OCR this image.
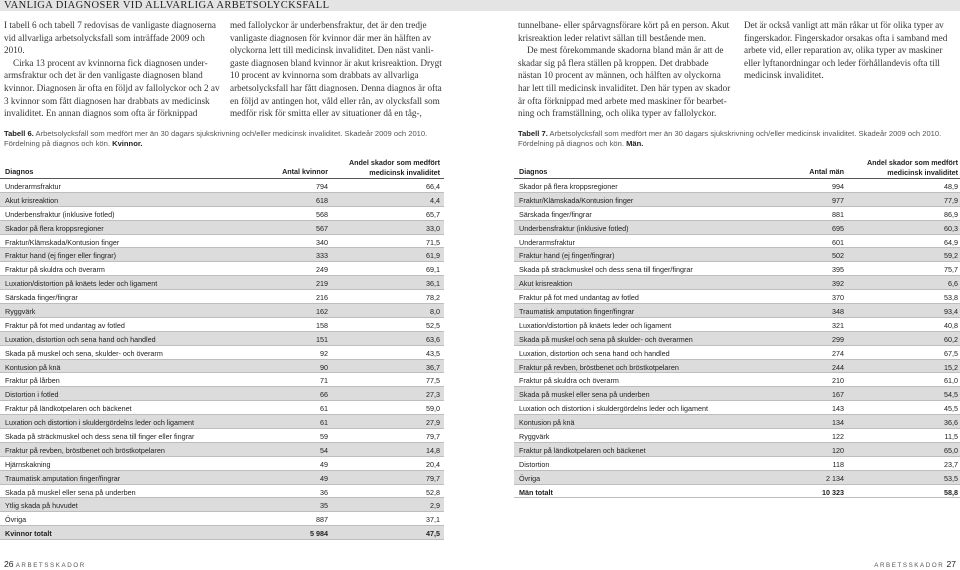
VANLIGA DIAGNOSER VID ALLVARLIGA ARBETSOLYCKSFALL

I tabell 6 och tabell 7 redovisas de vanligaste diagnoserna vid allvarliga arbetsolycksfall som inträffade 2009 och 2010.

Cirka 13 procent av kvinnorna fick diagnosen underarmsfraktur och det är den vanligaste diagnosen bland kvinnor. Diagnosen är ofta en följd av fallolyckor och 2 av 3 kvinnor som fått diagnosen har drabbats av medicinsk invaliditet. En annan diagnos som ofta är förknippad

med fallolyckor är underbensfraktur, det är den tredje vanligaste diagnosen för kvinnor där mer än hälften av olyckorna lett till medicinsk invaliditet. Den näst vanligaste diagnosen bland kvinnor är akut krisreaktion. Drygt 10 procent av kvinnorna som drabbats av allvarliga arbetsolycksfall har fått diagnosen. Denna diagnos är ofta en följd av antingen hot, våld eller rån, av olycksfall som medför risk för smitta eller av situationer då en tåg-,

tunnelbane- eller spårvagnsförare kört på en person. Akut krisreaktion leder relativt sällan till bestående men.

De mest förekommande skadorna bland män är att de skadar sig på flera ställen på kroppen. Det drabbade nästan 10 procent av männen, och hälften av olyckorna har lett till medicinsk invaliditet. Den här typen av skador är ofta förknippad med arbete med maskiner för bearbetning och framställning, och olika typer av fallolyckor.

Det är också vanligt att män råkar ut för olika typer av fingerskador. Fingerskador orsakas ofta i samband med arbete vid, eller reparation av, olika typer av maskiner eller lyftanordningar och leder förhållandevis ofta till medicinsk invaliditet.

Tabell 6. Arbetsolycksfall som medfört mer än 30 dagars sjukskrivning och/eller medicinsk invaliditet. Skadeår 2009 och 2010. Fördelning på diagnos och kön. Kvinnor.
Tabell 7. Arbetsolycksfall som medfört mer än 30 dagars sjukskrivning och/eller medicinsk invaliditet. Skadeår 2009 och 2010. Fördelning på diagnos och kön. Män.
Diagnos	Antal kvinnor
Andel skador som medfört medicinsk invaliditet
Underarmsfraktur	794	66,4
Akut krisreaktion	618	4,4
Underbensfraktur (inklusive fotled)	568	65,7
Skador på flera kroppsregioner	567	33,0
Fraktur/Klämskada/Kontusion finger	340	71,5
Fraktur hand (ej finger eller fingrar)	333	61,9
Fraktur på skuldra och överarm	249	69,1
Luxation/distortion på knäets leder och ligament	219	36,1
Särskada finger/fingrar	216	78,2
Ryggvärk	162	8,0
Fraktur på fot med undantag av fotled	158	52,5
Luxation, distortion och sena hand och handled	151	63,6
Skada på muskel och sena, skulder- och överarm	92	43,5
Kontusion på knä	90	36,7
Fraktur på lårben	71	77,5
Distortion i fotled	66	27,3
Fraktur på ländkotpelaren och bäckenet	61	59,0
Luxation och distortion i skuldergördelns leder och ligament	61	27,9
Skada på sträckmuskel och dess sena till finger eller fingrar	59	79,7
Fraktur på revben, bröstbenet och bröstkotpelaren	54	14,8
Hjärnskakning	49	20,4
Traumatisk amputation finger/fingrar	49	79,7
Skada på muskel eller sena på underben	36	52,8
Ytlig skada på huvudet	35	2,9
Övriga	887	37,1
Kvinnor totalt	5 984	47,5
Diagnos	Antal män
Andel skador som medfört medicinsk invaliditet
Skador på flera kroppsregioner	994	48,9
Fraktur/Klämskada/Kontusion finger	977	77,9
Särskada finger/fingrar	881	86,9
Underbensfraktur (inklusive fotled)	695	60,3
Underarmsfraktur	601	64,9
Fraktur hand (ej finger/fingrar)	502	59,2
Skada på sträckmuskel och dess sena till finger/fingrar	395	75,7
Akut krisreaktion	392	6,6
Fraktur på fot med undantag av fotled	370	53,8
Traumatisk amputation finger/fingrar	348	93,4
Luxation/distortion på knäets leder och ligament	321	40,8
Skada på muskel och sena på skulder- och överarmen	299	60,2
Luxation, distortion och sena hand och handled	274	67,5
Fraktur på revben, bröstbenet och bröstkotpelaren	244	15,2
Fraktur på skuldra och överarm	210	61,0
Skada på muskel eller sena på underben	167	54,5
Luxation och distortion i skuldergördelns leder och ligament	143	45,5
Kontusion på knä	134	36,6
Ryggvärk	122	11,5
Fraktur på ländkotpelaren och bäckenet	120	65,0
Distortion	118	23,7
Övriga	2 134	53,5
Män totalt	10 323	58,8
26 ARBETSSKADOR	ARBETSSKADOR 27
